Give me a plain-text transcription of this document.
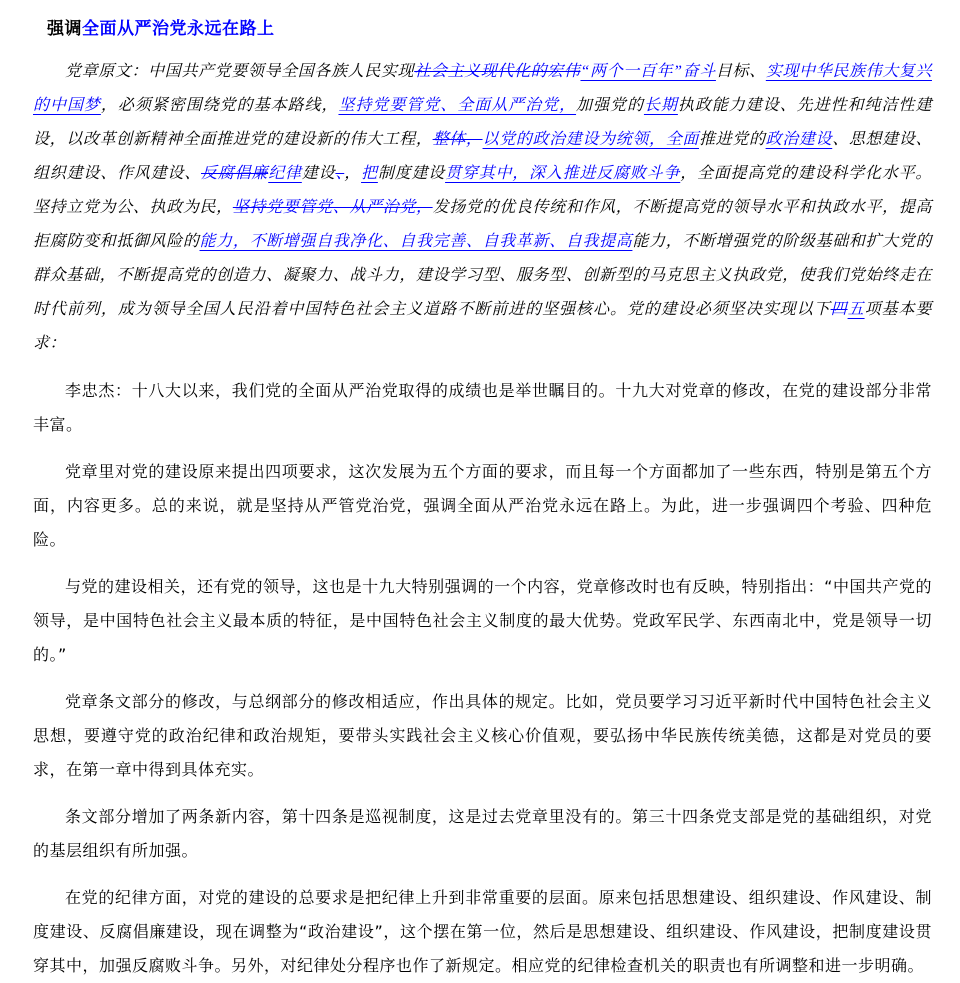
强调全面从严治党永远在路上

党章原文：中国共产党要领导全国各族人民实现社会主义现代化的宏伟“两个一百年”奋斗目标、实现中华民族伟大复兴的中国梦，必须紧密围绕党的基本路线，坚持党要管党、全面从严治党，加强党的长期执政能力建设、先进性和纯洁性建设，以改革创新精神全面推进党的建设新的伟大工程，整体，以党的政治建设为统领，全面推进党的政治建设、思想建设、组织建设、作风建设、反腐倡廉纪律建设、，把制度建设贯穿其中，深入推进反腐败斗争，全面提高党的建设科学化水平。坚持立党为公、执政为民，坚持党要管党、从严治党，发扬党的优良传统和作风，不断提高党的领导水平和执政水平，提高拒腐防变和抵御风险的能力，不断增强自我净化、自我完善、自我革新、自我提高能力，不断增强党的阶级基础和扩大党的群众基础，不断提高党的创造力、凝聚力、战斗力，建设学习型、服务型、创新型的马克思主义执政党，使我们党始终走在时代前列，成为领导全国人民沿着中国特色社会主义道路不断前进的坚强核心。党的建设必须坚决实现以下四五项基本要求：

李忠杰：十八大以来，我们党的全面从严治党取得的成绩也是举世瞩目的。十九大对党章的修改，在党的建设部分非常丰富。

党章里对党的建设原来提出四项要求，这次发展为五个方面的要求，而且每一个方面都加了一些东西，特别是第五个方面，内容更多。总的来说，就是坚持从严管党治党，强调全面从严治党永远在路上。为此，进一步强调四个考验、四种危险。

与党的建设相关，还有党的领导，这也是十九大特别强调的一个内容，党章修改时也有反映，特别指出：“中国共产党的领导，是中国特色社会主义最本质的特征，是中国特色社会主义制度的最大优势。党政军民学、东西南北中，党是领导一切的。”

党章条文部分的修改，与总纲部分的修改相适应，作出具体的规定。比如，党员要学习习近平新时代中国特色社会主义思想，要遵守党的政治纪律和政治规矩，要带头实践社会主义核心价值观，要弘扬中华民族传统美德，这都是对党员的要求，在第一章中得到具体充实。

条文部分增加了两条新内容，第十四条是巡视制度，这是过去党章里没有的。第三十四条党支部是党的基础组织，对党的基层组织有所加强。

在党的纪律方面，对党的建设的总要求是把纪律上升到非常重要的层面。原来包括思想建设、组织建设、作风建设、制度建设、反腐倡廉建设，现在调整为“政治建设”，这个摆在第一位，然后是思想建设、组织建设、作风建设，把制度建设贯穿其中，加强反腐败斗争。另外，对纪律处分程序也作了新规定。相应党的纪律检查机关的职责也有所调整和进一步明确。
